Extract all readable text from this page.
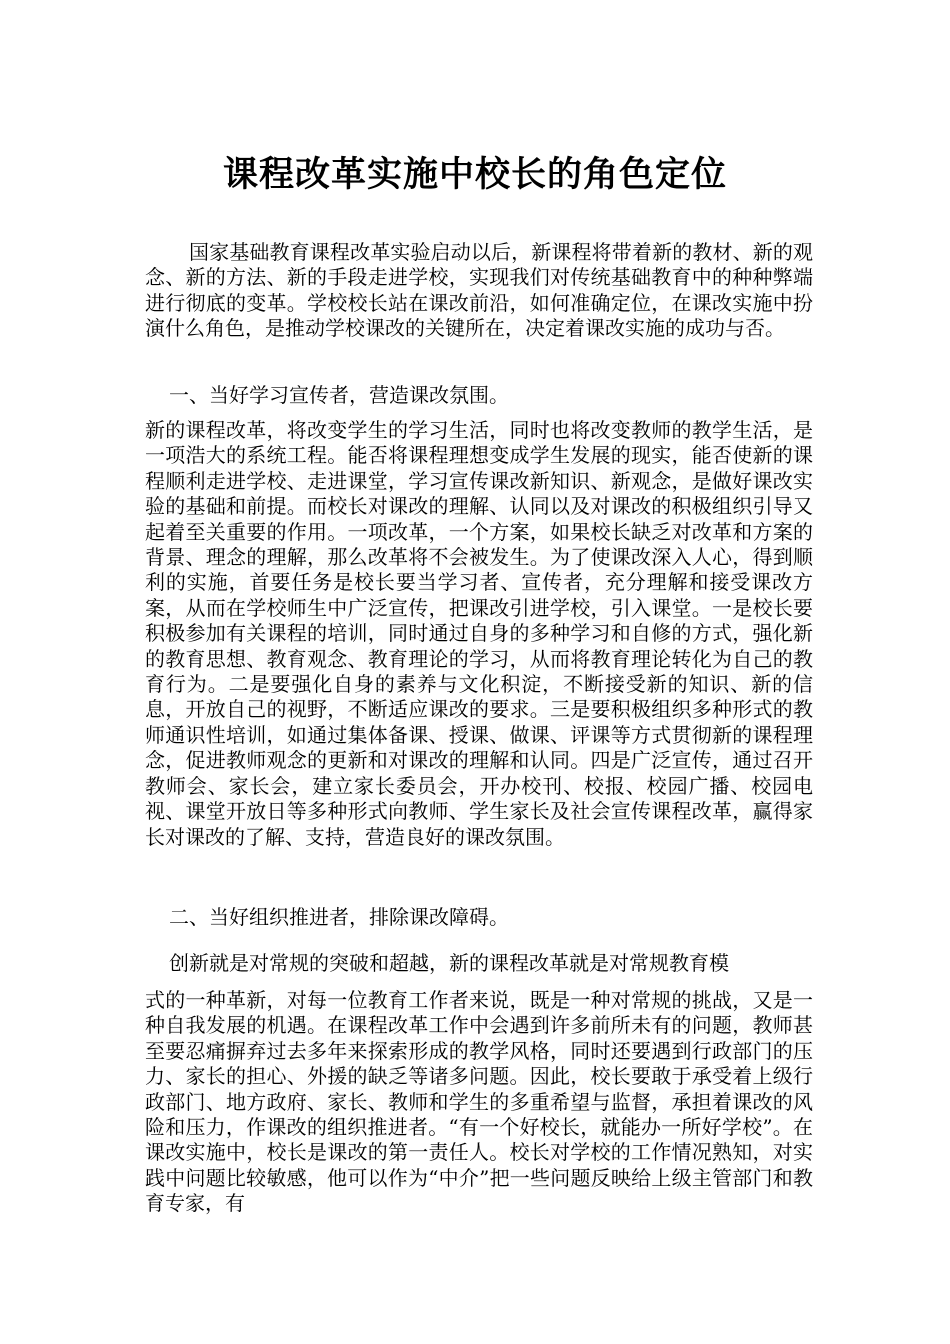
课程改革实施中校长的角色定位

国家基础教育课程改革实验启动以后，新课程将带着新的教材、新的观念、新的方法、新的手段走进学校，实现我们对传统基础教育中的种种弊端进行彻底的变革。学校校长站在课改前沿，如何准确定位，在课改实施中扮演什么角色，是推动学校课改的关键所在，决定着课改实施的成功与否。

一、当好学习宣传者，营造课改氛围。

新的课程改革，将改变学生的学习生活，同时也将改变教师的教学生活，是一项浩大的系统工程。能否将课程理想变成学生发展的现实，能否使新的课程顺利走进学校、走进课堂，学习宣传课改新知识、新观念，是做好课改实验的基础和前提。而校长对课改的理解、认同以及对课改的积极组织引导又起着至关重要的作用。一项改革，一个方案，如果校长缺乏对改革和方案的背景、理念的理解，那么改革将不会被发生。为了使课改深入人心，得到顺利的实施，首要任务是校长要当学习者、宣传者，充分理解和接受课改方案，从而在学校师生中广泛宣传，把课改引进学校，引入课堂。一是校长要积极参加有关课程的培训，同时通过自身的多种学习和自修的方式，强化新的教育思想、教育观念、教育理论的学习，从而将教育理论转化为自己的教育行为。二是要强化自身的素养与文化积淀，不断接受新的知识、新的信息，开放自己的视野，不断适应课改的要求。三是要积极组织多种形式的教师通识性培训，如通过集体备课、授课、做课、评课等方式贯彻新的课程理念，促进教师观念的更新和对课改的理解和认同。四是广泛宣传，通过召开教师会、家长会，建立家长委员会，开办校刊、校报、校园广播、校园电视、课堂开放日等多种形式向教师、学生家长及社会宣传课程改革，赢得家长对课改的了解、支持，营造良好的课改氛围。

二、当好组织推进者，排除课改障碍。

创新就是对常规的突破和超越，新的课程改革就是对常规教育模

式的一种革新，对每一位教育工作者来说，既是一种对常规的挑战，又是一种自我发展的机遇。在课程改革工作中会遇到许多前所未有的问题，教师甚至要忍痛摒弃过去多年来探索形成的教学风格，同时还要遇到行政部门的压力、家长的担心、外援的缺乏等诸多问题。因此，校长要敢于承受着上级行政部门、地方政府、家长、教师和学生的多重希望与监督，承担着课改的风险和压力，作课改的组织推进者。“有一个好校长，就能办一所好学校”。在课改实施中，校长是课改的第一责任人。校长对学校的工作情况熟知，对实践中问题比较敏感，他可以作为“中介”把一些问题反映给上级主管部门和教育专家，有
